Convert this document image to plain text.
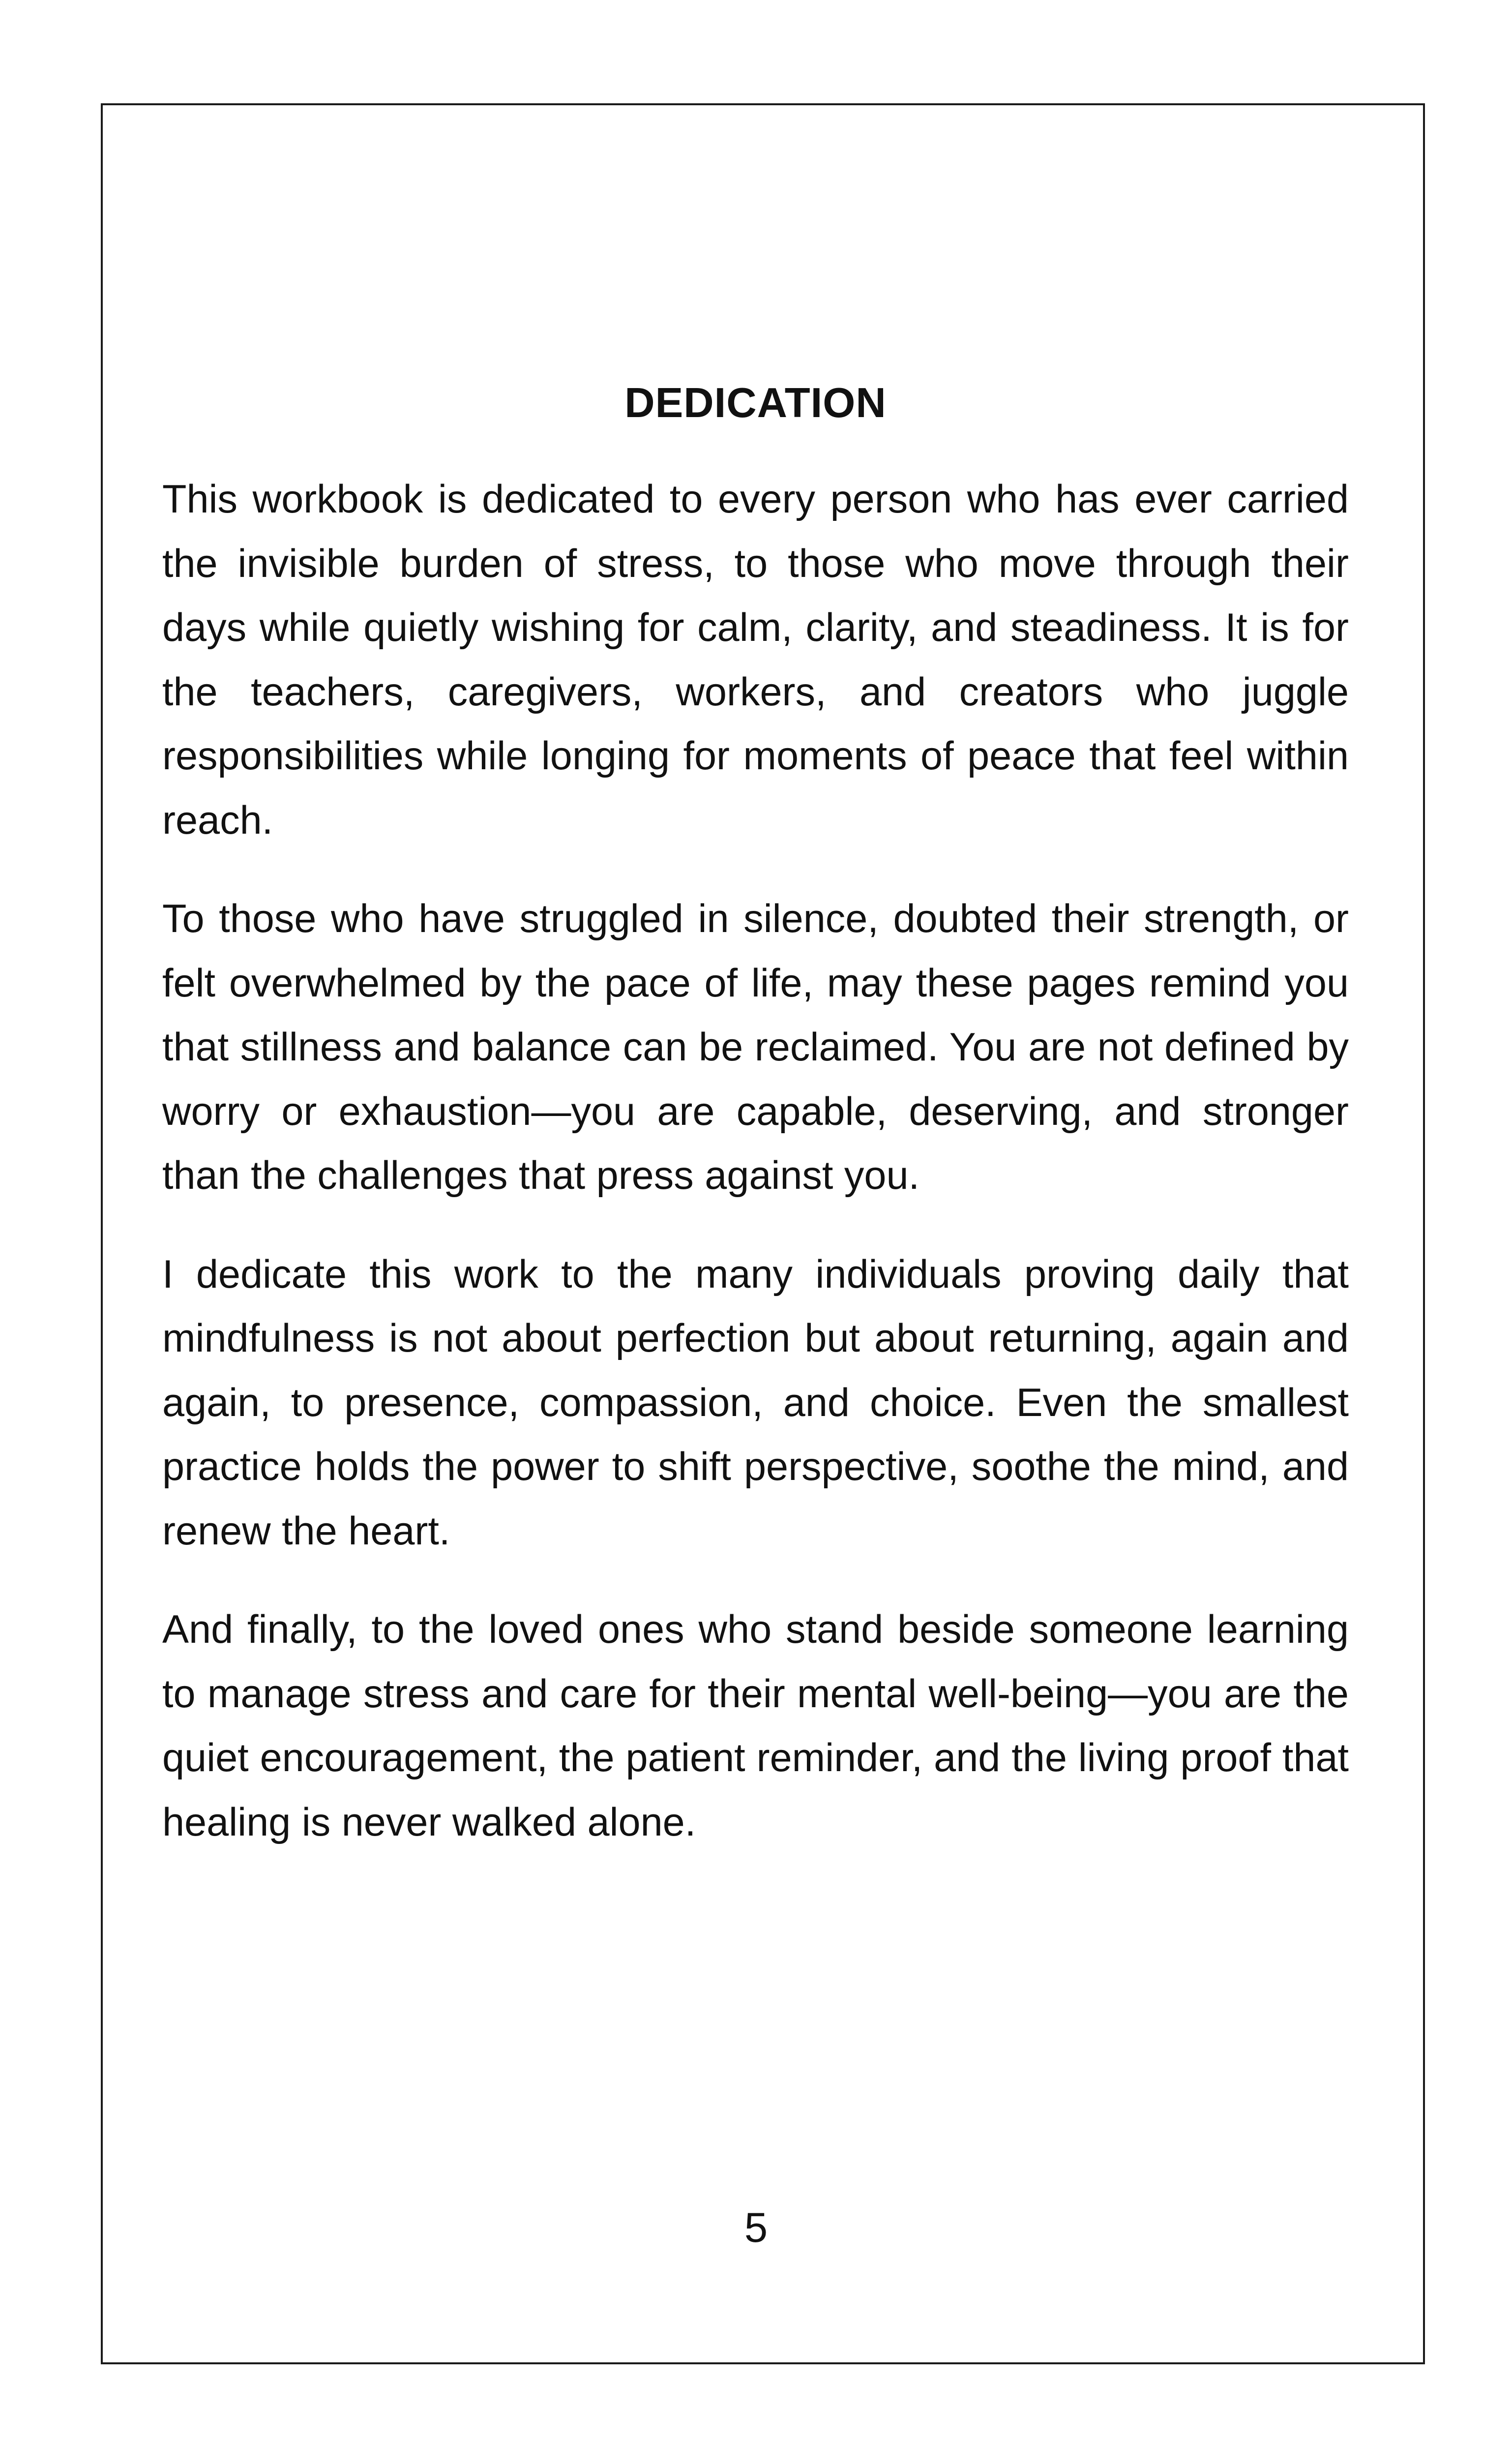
DEDICATION

This workbook is dedicated to every person who has ever carried the invisible burden of stress, to those who move through their days while quietly wishing for calm, clarity, and steadiness. It is for the teachers, caregivers, workers, and creators who juggle responsibilities while longing for moments of peace that feel within reach.

To those who have struggled in silence, doubted their strength, or felt overwhelmed by the pace of life, may these pages remind you that stillness and balance can be reclaimed. You are not defined by worry or exhaustion—you are capable, deserving, and stronger than the challenges that press against you.

I dedicate this work to the many individuals proving daily that mindfulness is not about perfection but about returning, again and again, to presence, compassion, and choice. Even the smallest practice holds the power to shift perspective, soothe the mind, and renew the heart.

And finally, to the loved ones who stand beside someone learning to manage stress and care for their mental well-being—you are the quiet encouragement, the patient reminder, and the living proof that healing is never walked alone.

5
